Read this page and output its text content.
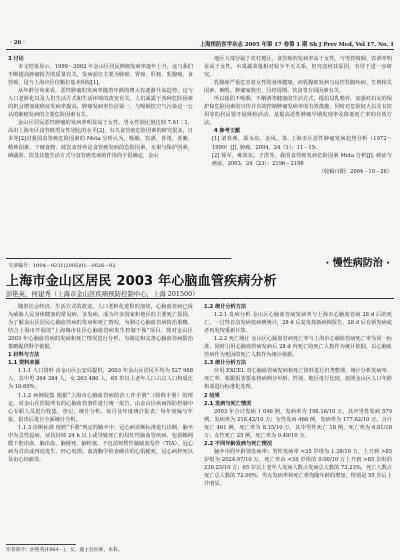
· 26 ·	上海预防医学杂志 2005 年第 17 卷第 1 期 Sh J Prev Med, Vol 17, No. 1

3 讨论

本文结果显示，1999～2002 年金山区居民肿瘤发病率逐年上升，这与我们不断提高肿瘤报告的质量有关，发病前位主要为肺癌、胃癌、肝癌、乳腺癌、食管癌，这与上海市区位顺位基本相似[1]。

从年龄分布来看，恶性肿瘤的发病率随着年龄的增大有逐渐升高趋势，这与人口老龄化以及人们生活方式和生活环境的改变有关。人们暴露于各种危险因素的机会增加使癌症发病率提高，肿瘤发病率位居第一，与吸烟饮空气污染这一公认的肺癌发病的主要危险因素有关。

金山区居民恶性肿瘤的发病率明显高于女性，男女性别比值达到 7.61∶1，高出上海市区食管癌男女性别比的水平[2]，有关食管癌危险因素的研究很多，日本等[2]对我国食管癌危险因素的 Meta 分析认为，吸烟、饮酒、喜烫、喜腌、精神因素、干硬食物、低饮食营养是食管癌发病的危险因素，水果与保护因素，硒蔬果、饮及其他生活方式与食管癌发病的作用尚不很确定，金山

地区大部分属于农村地区，食管癌的发病率高于女性，与男性吸烟、饮酒率明显高于女性，水果蔬菜量相对较少不无关系，但究竟何其原因，有待于进一步研究。

乳腺癌严重危害着女性的身体健康，而乳腺癌发病与良性乳腺疾病、生殖相关因素、哺乳、肿瘤家族史、月经周期、饮食等方面因素有关。

所以提倡不吸烟、不酗酒等健康的生活方式，提倡母乳喂养，加强对妇女的保护和危险因素的宣传并有效控制肿瘤发病率的有效措施，同时对危险较大以及有饮用等的居民要开展筛检活动，是提高恶性肿瘤早期发现率及降低死亡率的有效方法。

4 参考文献

[1] 刘春燕，邱永东，金凤，等. 上海市区恶性肿瘤发病趋势分析（1972～1999）[J]. 肿瘤，2004，24（1）：11－15.

[2] 徐军，雍效东，于洪等，我国食管癌发病危险因素 Meta 分析[J]. 癌症与癌症，2003，24（23）：2196－2198

（收稿日期：2004－10－26）

· 慢性病防治 ·
文章编号：1004－9231(2005)01－0026－02
上海市金山区居民 2003 年心脑血管疾病分析
彭艳英，何建秀（上海市金山区疾病预防控制中心，上海 201500）

随着社会经济、生活方式的改变，人口老龄化进程的加快，心脑血管病已成为威胁人民身体健康的常见病、多发病，成为许多国家和地区的主要死亡原因。为了解金山区居民心脑血管病的发病和死亡情况，为制订心脑血管病防治策略，结合上海市开展的“上海城市社区心脑血管病发生控制干预”项目，现对金山区 2003 年心脑血管病的发病和死亡情况进行分析，为制定和完善心脑血管病防治策略提供科学依据。

1 材料与方法

1.1 资料来源

1.1.1 人口资料 由金山区公安局提供，2003 年金山区居民平均为 527 968 人，其中男 264 384 人，女 263 480 人，65 岁以上老年人口占总人口构成比为 10.69%。

1.1.2 病例收集 根据“上海市心脑血管病防治工作手册”（简称手册）的规定，对金山区医院所有的心脑血管事件进行统一报告，由金山区疾病预防控制中心专职人员进行收集、登记、统计分析。每月及年度统计报表，每年度编写年报，报出后进行全面统计分析。

1.1.3 诊断标准 按照“手册”规定的脑卒中、冠心病诊断标准进行诊断。脑卒中为急性起病，症状持续 24 h 以上或导致死亡的局灶性脑血管疾病，包括蛛网膜下腔出血、脑出血、脑梗死、脑栓塞，不包括短暂性脑缺血发作（TIA），冠心病为首次或再次发生、经心电图、血清酶学检查确诊的心肌梗死、冠心病猝死以及由心绞痛等。

1.2 统计分析方法

1.2.1 发病分析 金山区心脑血管病发病率与上海市心脑血管病 28 d 后的死亡，一过性首次发病按病例统计，28 d 后复发按新病例报告，28 d 后有新发病或者再发按重新计算。

1.2.2 死亡统计 金山区心脑血管病死亡率与上海市心脑血管病死亡率为同一标准，同时引用心脑血管病发病后 28 d 内死亡的死亡人数作为统计依据，以心脑血管病作为死因的死亡人数作为统计依据。

1.3 统计分析方法

应用 EXCEL 对心脑血管病发病和死亡资料进行归类整理，统计分析发病率、死亡率，根据报表要求将病例分年龄、性别、地区进行比较，按照金山区人口年龄构成进行标准化处理。

2 结果

2.1 发病与死亡情况

2003 年合计发病 1 046 例，发病率为 198.16/10 万，其中男性发病 579 例，发病率为 218.42/10 万；女性发病 468 例，发病率为 177.62/10 万。合计死亡 461 例，死亡率为 8.15/10 万，其中男性死亡 18 例，死亡率为 6.81/10 万；女性死亡 25 例，死亡率为 9.49/10 万。

2.2 不同年龄发病与死亡情况

脑卒中的年龄别发病率：男性发病率 <35 岁组为 1.38/10 万，上升到 >85 岁组为 2024.97/10 万，死亡率由 <35 岁组的 0.00/10 万上升到 >85 岁组的 236.25/10 万；65 岁以上老年人发病人数占发病总人数的 73.23%，死亡人数占死亡总人数的 72.00%，男女发病率和死亡率均随年龄的增加，特别是 55 岁后上升明显。

作者简介：彭艳英(1964－)，女，副主任医师，本科。
